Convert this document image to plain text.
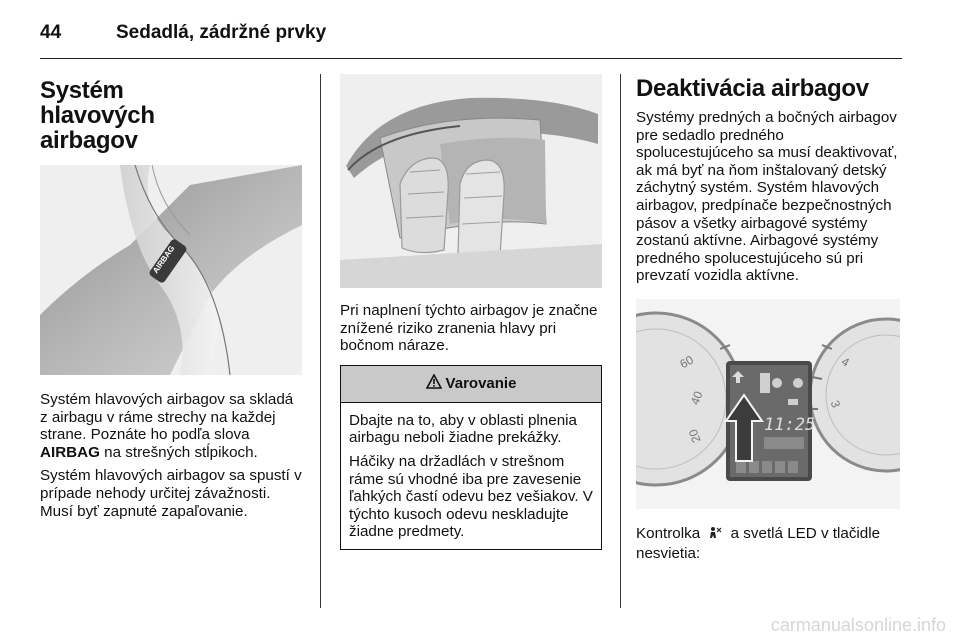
44	Sedadlá, zádržné prvky
Systém hlavových airbagov
AIRBAG

Systém hlavových airbagov sa skladá z airbagu v ráme strechy na každej strane. Poznáte ho podľa slova AIRBAG na strešných stĺpikoch.

Systém hlavových airbagov sa spustí v prípade nehody určitej závažnosti. Musí byť zapnuté zapaľovanie.

Pri naplnení týchto airbagov je značne znížené riziko zranenia hlavy pri bočnom náraze.

Varovanie

Dbajte na to, aby v oblasti plnenia airbagu neboli žiadne prekážky.

Háčiky na držadlách v strešnom ráme sú vhodné iba pre zavesenie ľahkých častí odevu bez vešiakov. V týchto kusoch odevu neskladujte žiadne predmety.

Deaktivácia airbagov

Systémy predných a bočných airbagov pre sedadlo predného spolucestujúceho sa musí deaktivovať, ak má byť na ňom inštalovaný detský záchytný systém. Systém hlavových airbagov, predpínače bezpečnostných pásov a všetky airbagové systémy zostanú aktívne. Airbagové systémy predného spolucestujúceho sú pri prevzatí vozidla aktívne.

11:25
60
40
20
4
3

Kontrolka a svetlá LED v tlačidle nesvietia:

carmanualsonline.info
